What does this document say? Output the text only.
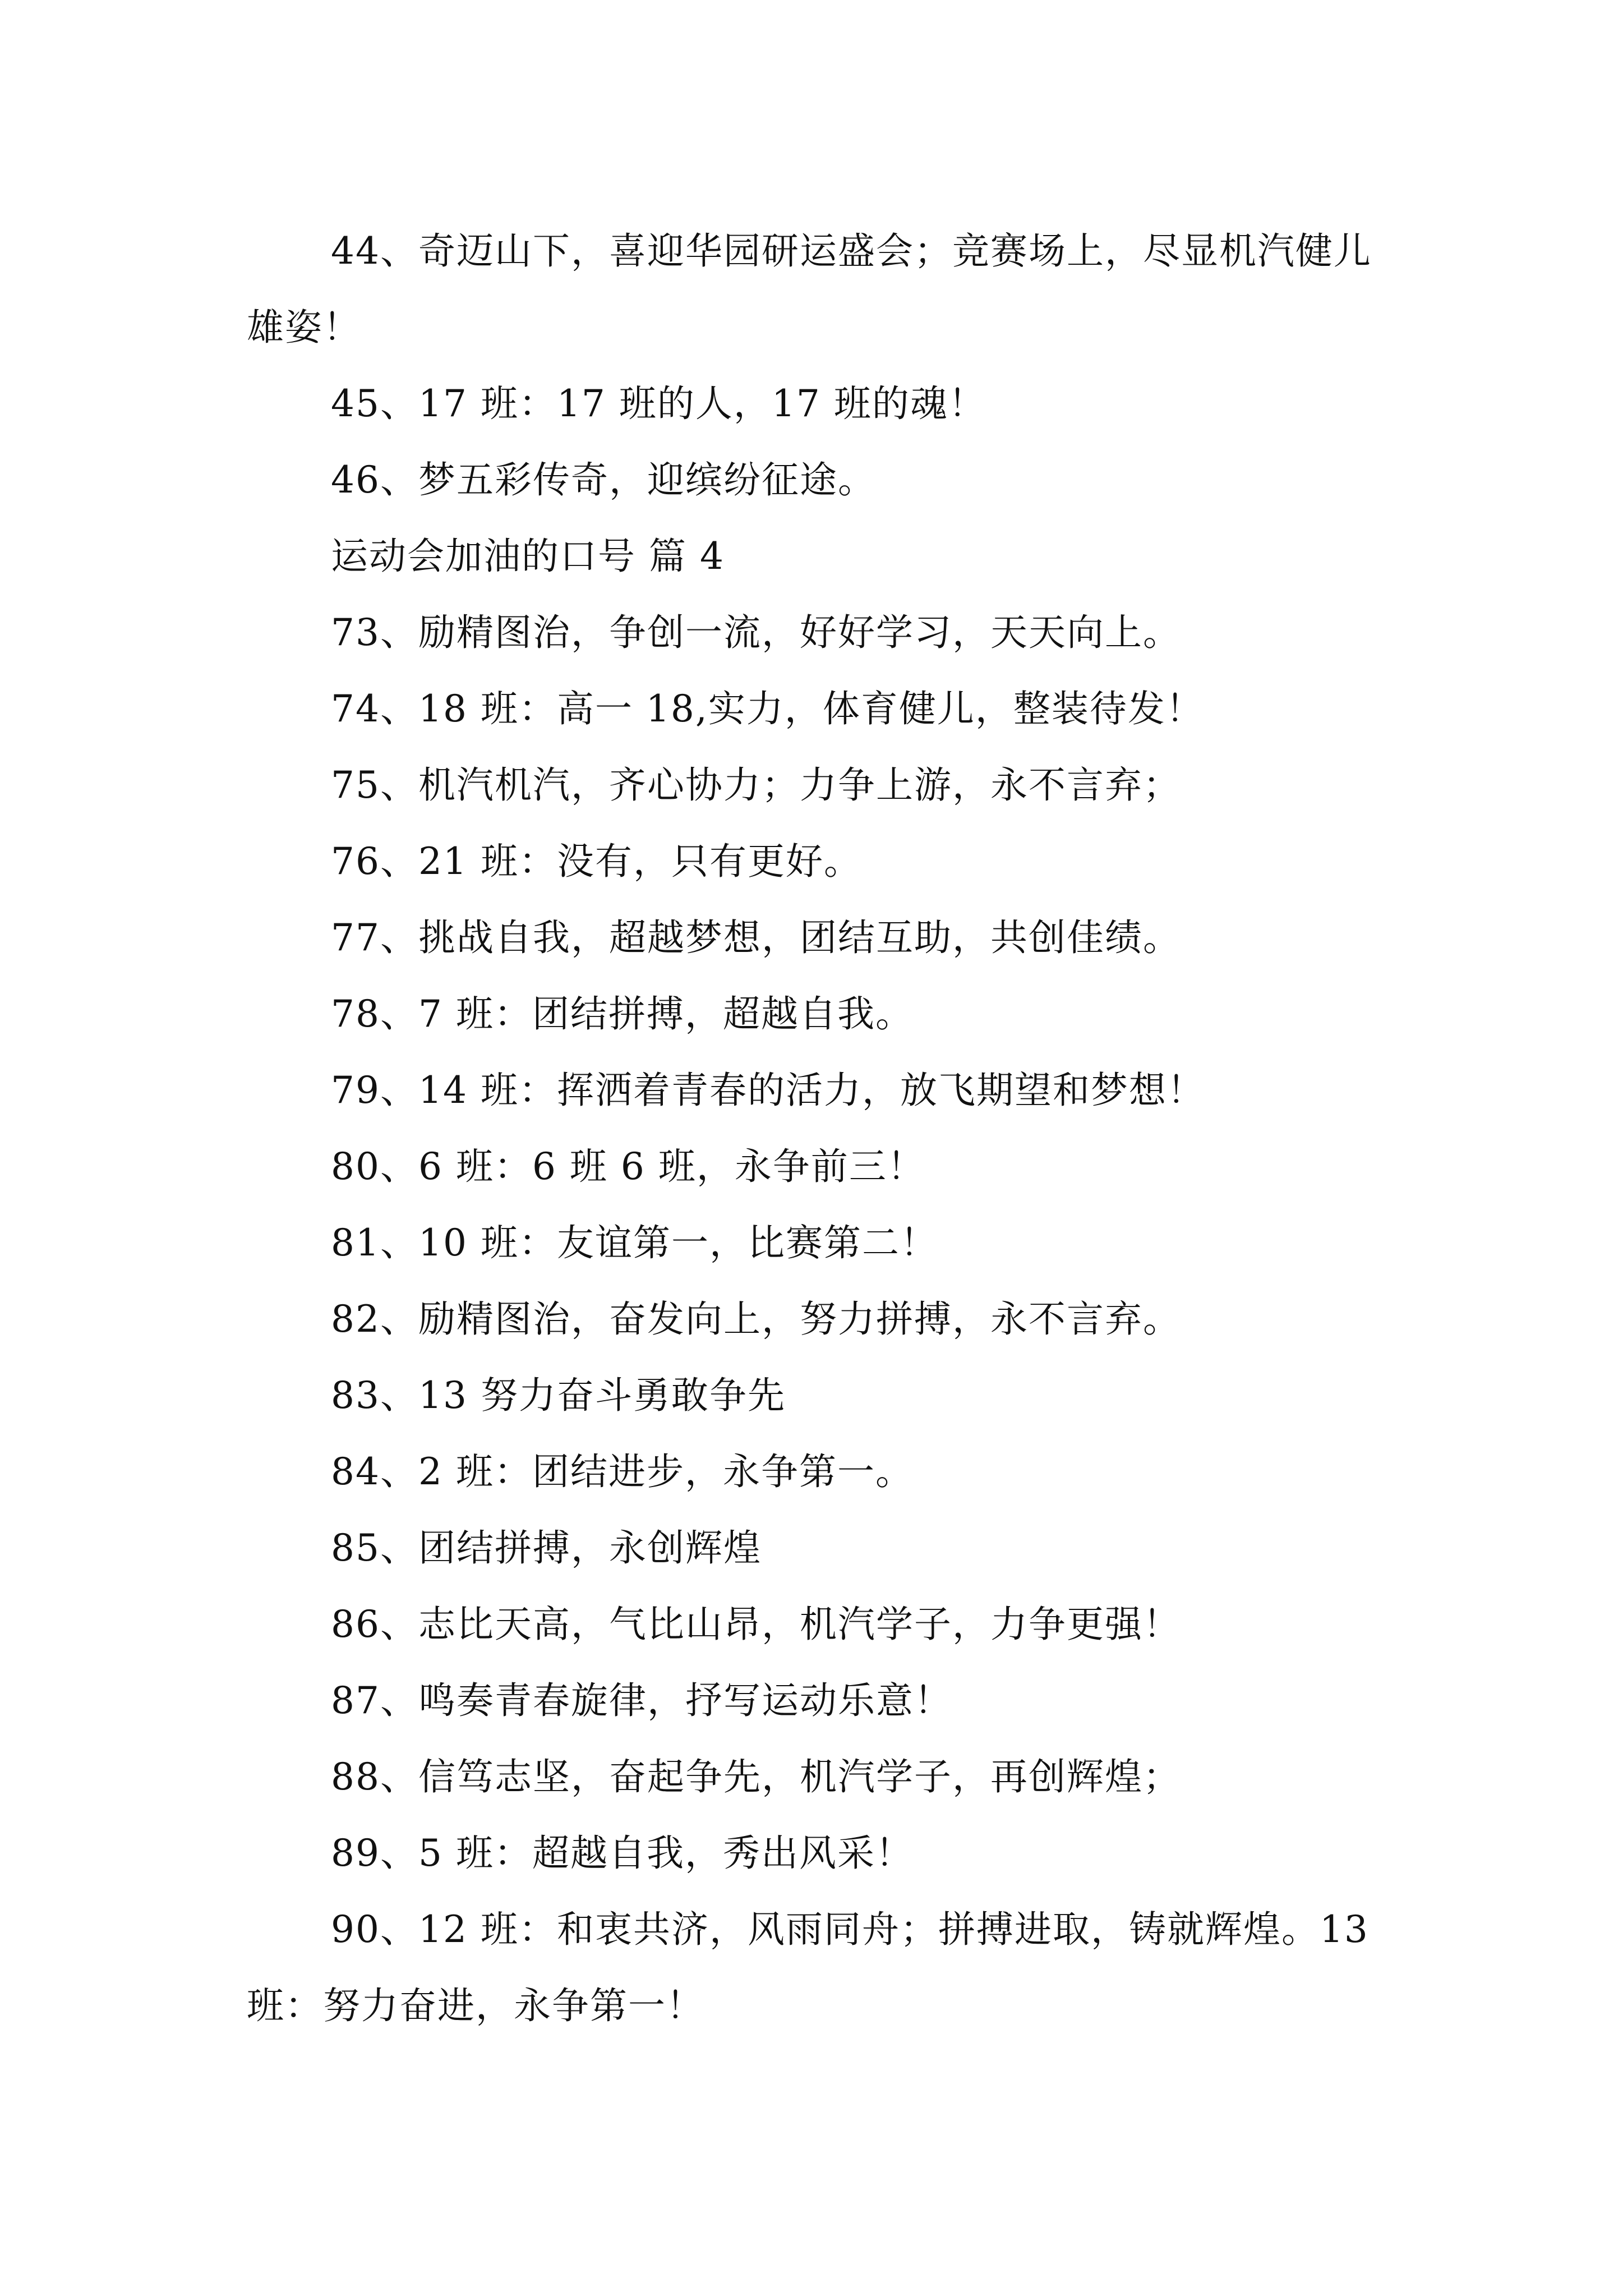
44、奇迈山下，喜迎华园研运盛会；竞赛场上，尽显机汽健儿雄姿！

45、17 班：17 班的人，17 班的魂！

46、梦五彩传奇，迎缤纷征途。

运动会加油的口号 篇 4

73、励精图治，争创一流，好好学习，天天向上。

74、18 班：高一 18,实力，体育健儿，整装待发！

75、机汽机汽，齐心协力；力争上游，永不言弃；

76、21 班：没有，只有更好。

77、挑战自我，超越梦想，团结互助，共创佳绩。

78、7 班：团结拼搏，超越自我。

79、14 班：挥洒着青春的活力，放飞期望和梦想！

80、6 班：6 班 6 班，永争前三！

81、10 班：友谊第一，比赛第二！

82、励精图治，奋发向上，努力拼搏，永不言弃。

83、13 努力奋斗勇敢争先

84、2 班：团结进步，永争第一。

85、团结拼搏，永创辉煌

86、志比天高，气比山昂，机汽学子，力争更强！

87、鸣奏青春旋律，抒写运动乐意！

88、信笃志坚，奋起争先，机汽学子，再创辉煌；

89、5 班：超越自我，秀出风采！

90、12 班：和衷共济，风雨同舟；拼搏进取，铸就辉煌。13 班：努力奋进，永争第一！
